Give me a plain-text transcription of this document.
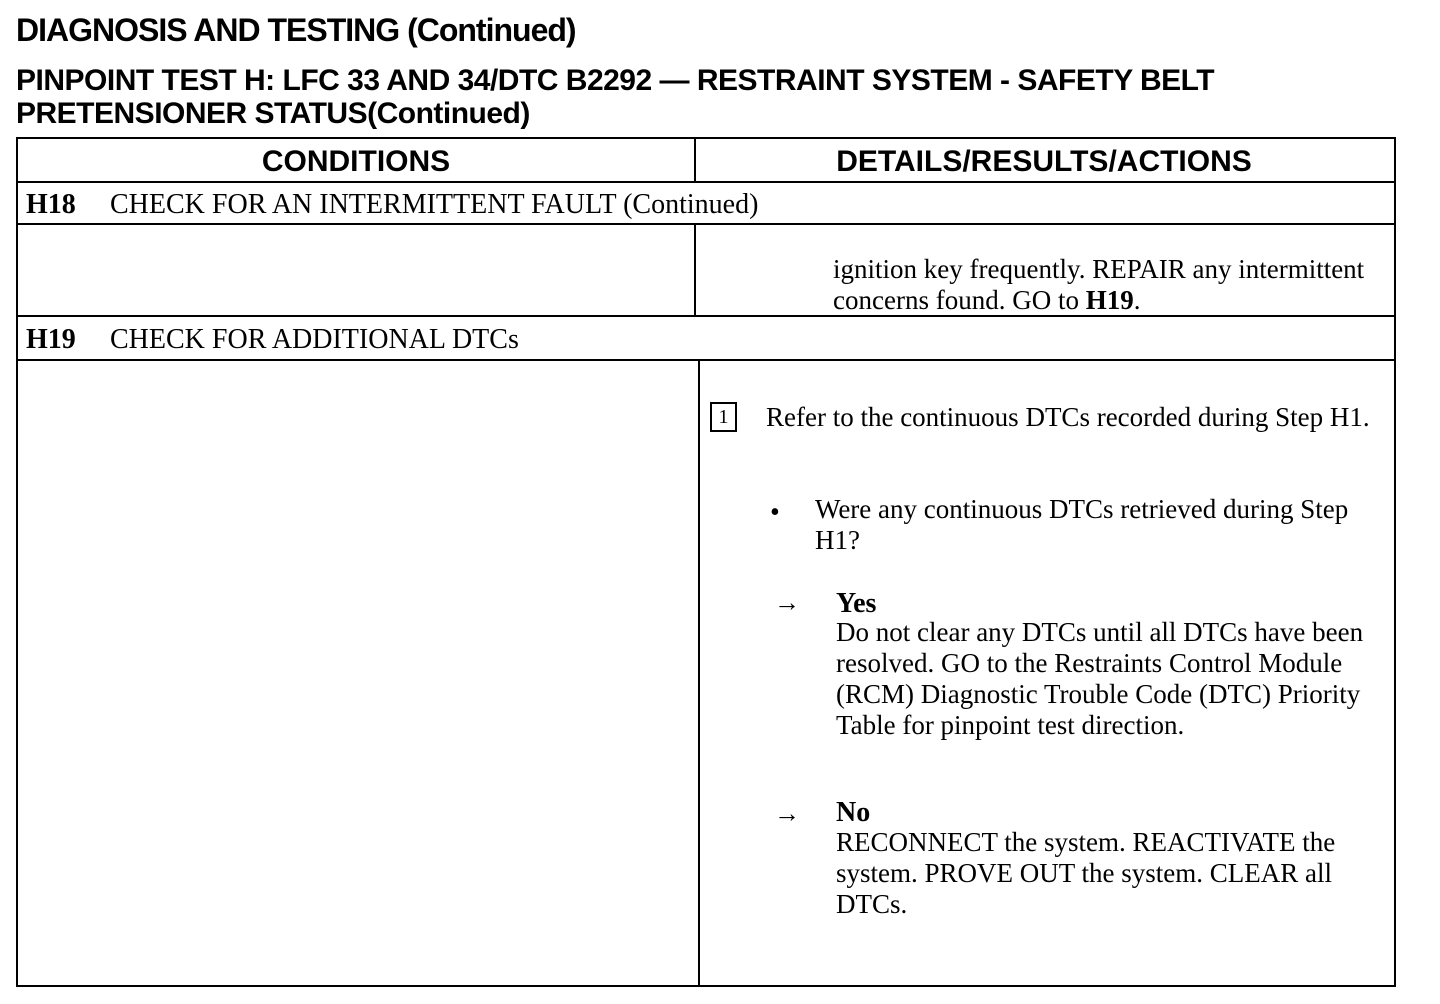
DIAGNOSIS AND TESTING (Continued)
PINPOINT TEST H: LFC 33 AND 34/DTC B2292 — RESTRAINT SYSTEM - SAFETY BELT PRETENSIONER STATUS(Continued)
CONDITIONS	DETAILS/RESULTS/ACTIONS
H18 CHECK FOR AN INTERMITTENT FAULT (Continued)
ignition key frequently. REPAIR any intermittent concerns found. GO to H19.
H19 CHECK FOR ADDITIONAL DTCs
1	Refer to the continuous DTCs recorded during Step H1.
• Were any continuous DTCs retrieved during Step H1?
→ Yes
Do not clear any DTCs until all DTCs have been resolved. GO to the Restraints Control Module (RCM) Diagnostic Trouble Code (DTC) Priority Table for pinpoint test direction.
→ No
RECONNECT the system. REACTIVATE the system. PROVE OUT the system. CLEAR all DTCs.
